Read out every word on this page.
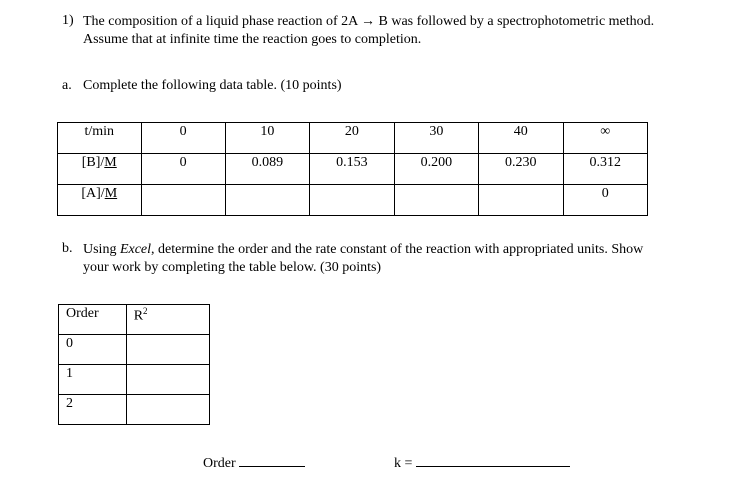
1) The composition of a liquid phase reaction of 2A → B was followed by a spectrophotometric method.
Assume that at infinite time the reaction goes to completion.
a. Complete the following data table. (10 points)
t/min	0	10	20	30	40	∞
[B]/M	0	0.089	0.153	0.200	0.230	0.312
[A]/M						0
b. Using Excel, determine the order and the rate constant of the reaction with appropriated units. Show
your work by completing the table below. (30 points)
Order	$R^2$
0	
1	
2	
Order	k =
